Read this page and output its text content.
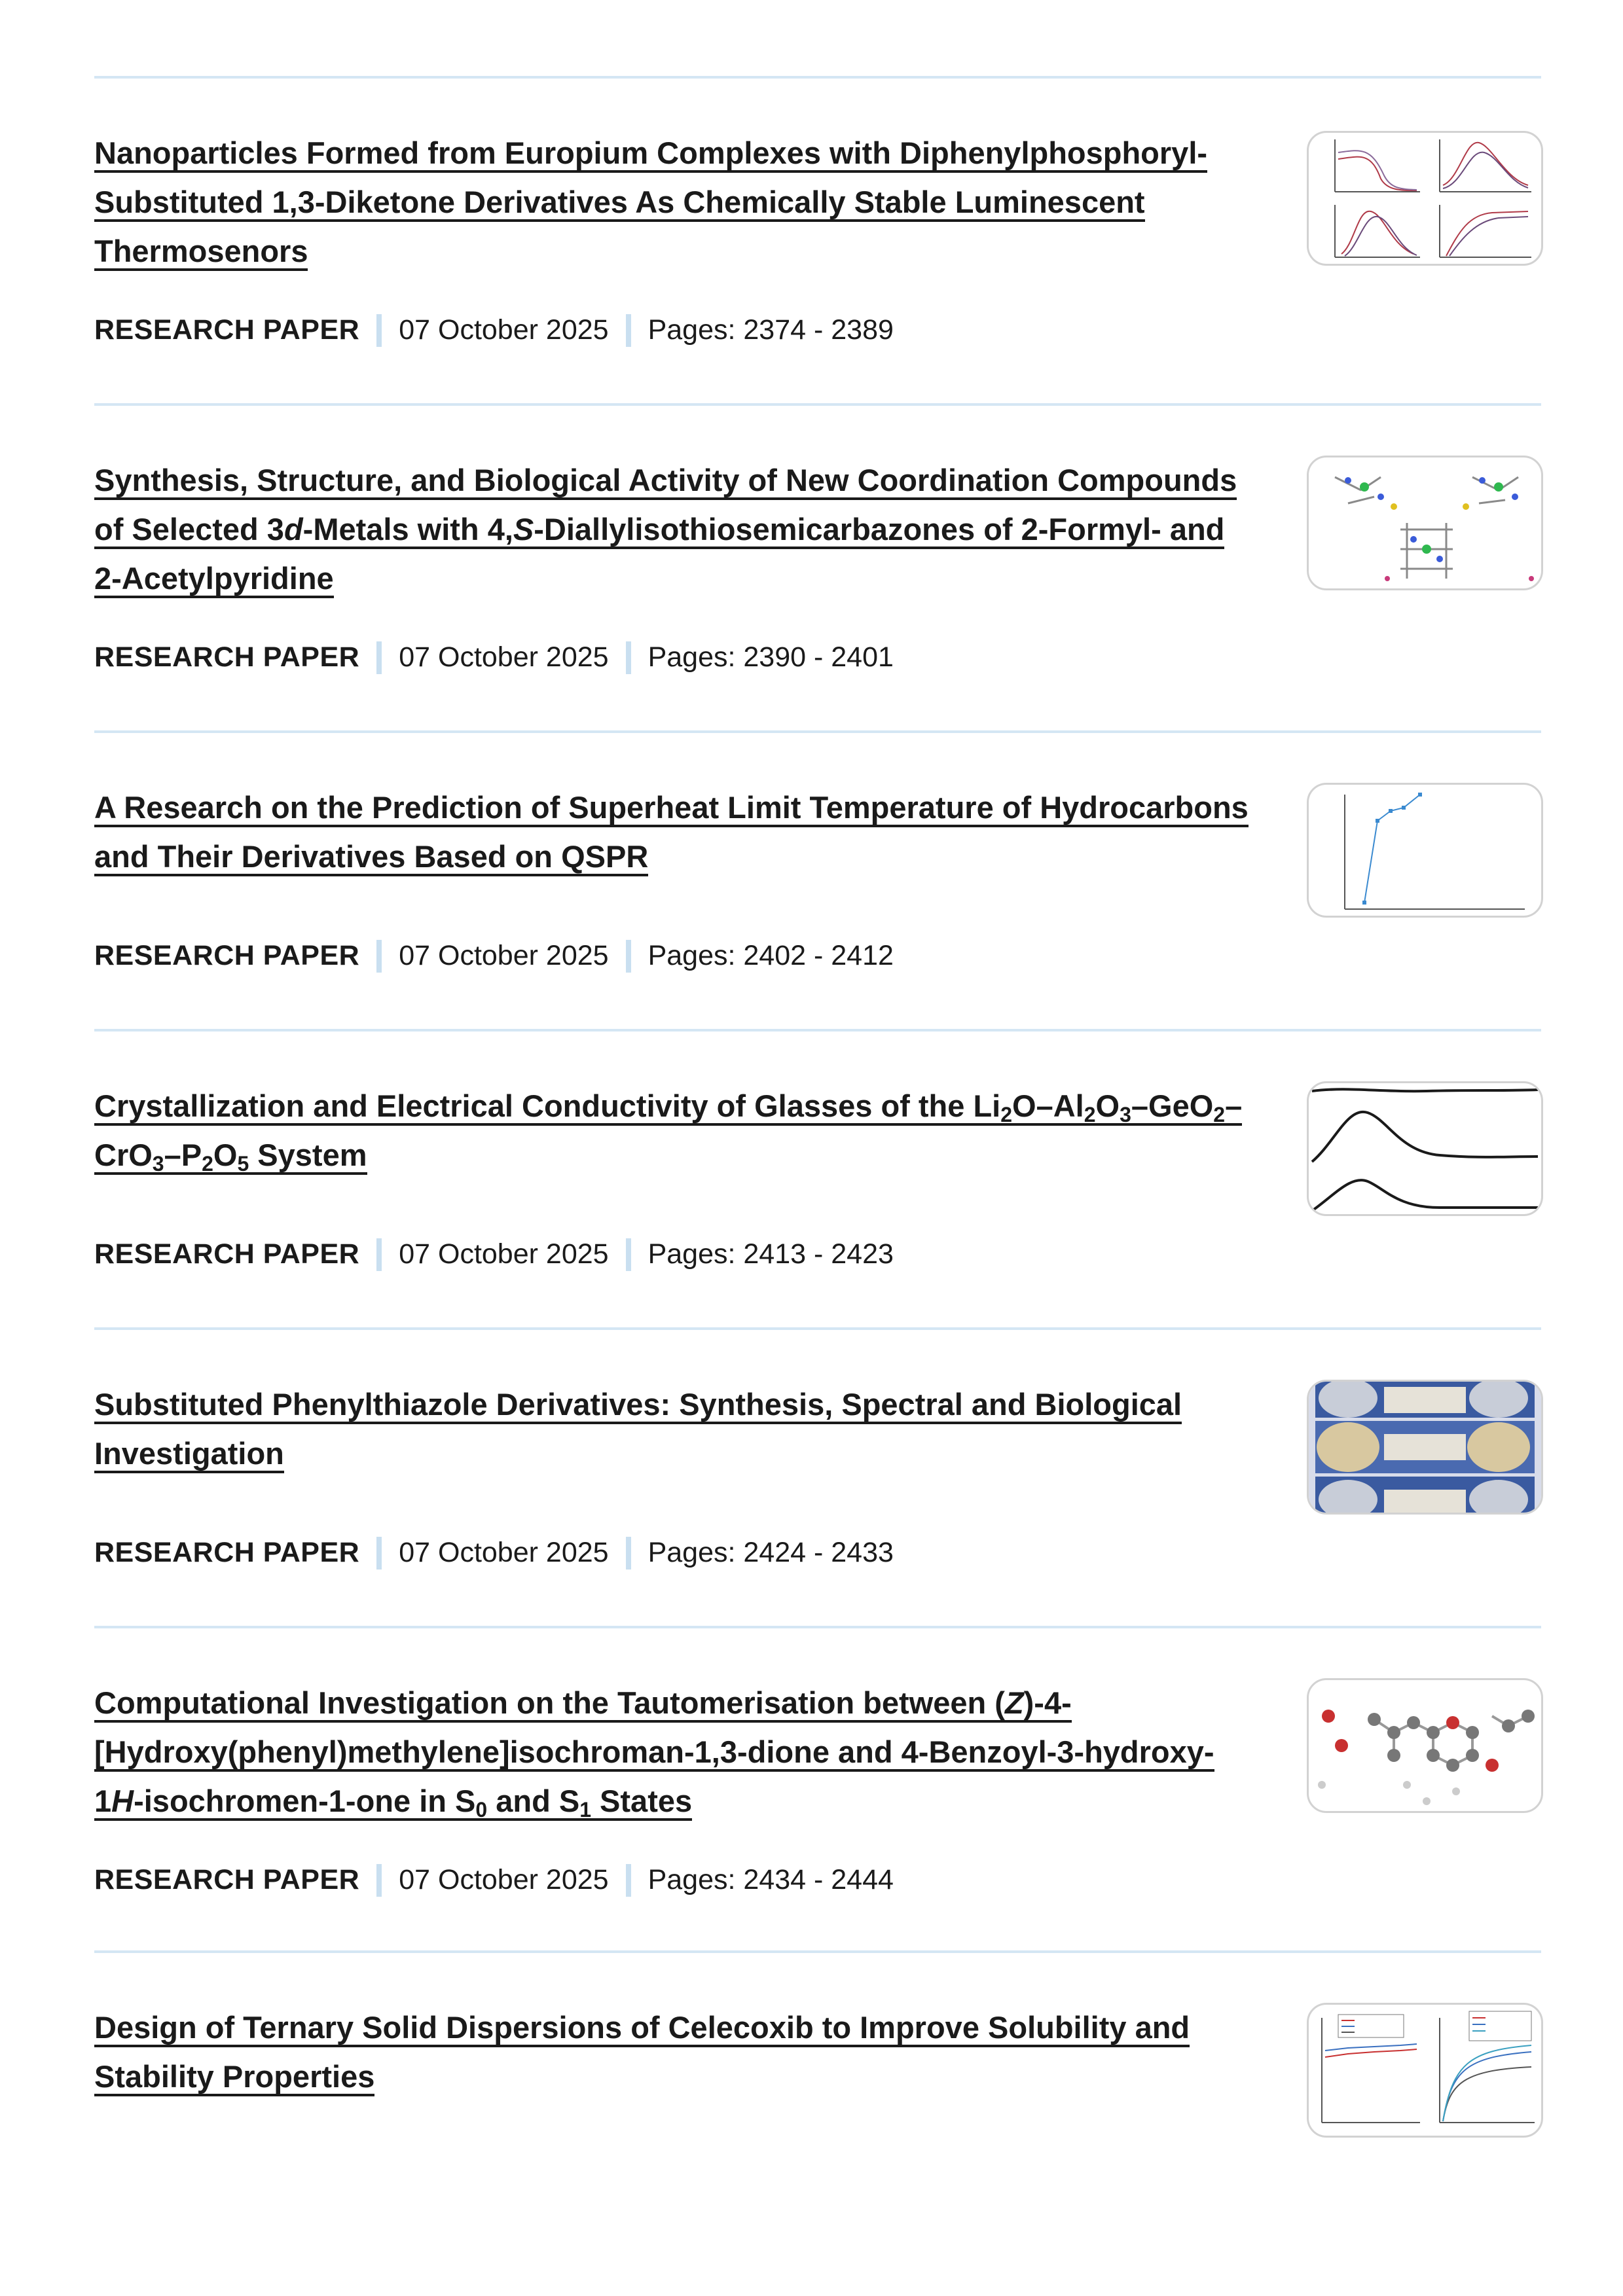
Nanoparticles Formed from Europium Complexes with Diphenylphosphoryl-Substituted 1,3-Diketone Derivatives As Chemically Stable Luminescent Thermosenors
RESEARCH PAPER 07 October 2025 Pages: 2374 - 2389
Synthesis, Structure, and Biological Activity of New Coordination Compounds of Selected 3d-Metals with 4,S-Diallylisothiosemicarbazones of 2-Formyl- and 2-Acetylpyridine
RESEARCH PAPER 07 October 2025 Pages: 2390 - 2401
A Research on the Prediction of Superheat Limit Temperature of Hydrocarbons and Their Derivatives Based on QSPR
RESEARCH PAPER 07 October 2025 Pages: 2402 - 2412
Crystallization and Electrical Conductivity of Glasses of the $Li_2O-Al_2O_3-GeO_2-CrO_3-P_2O_5$ System
RESEARCH PAPER 07 October 2025 Pages: 2413 - 2423
Substituted Phenylthiazole Derivatives: Synthesis, Spectral and Biological Investigation
RESEARCH PAPER 07 October 2025 Pages: 2424 - 2433
Computational Investigation on the Tautomerisation between (Z)-4-[Hydroxy(phenyl)methylene]isochroman-1,3-dione and 4-Benzoyl-3-hydroxy-1H-isochromen-1-one in $S_0$ and $S_1$ States
RESEARCH PAPER 07 October 2025 Pages: 2434 - 2444
Design of Ternary Solid Dispersions of Celecoxib to Improve Solubility and Stability Properties
